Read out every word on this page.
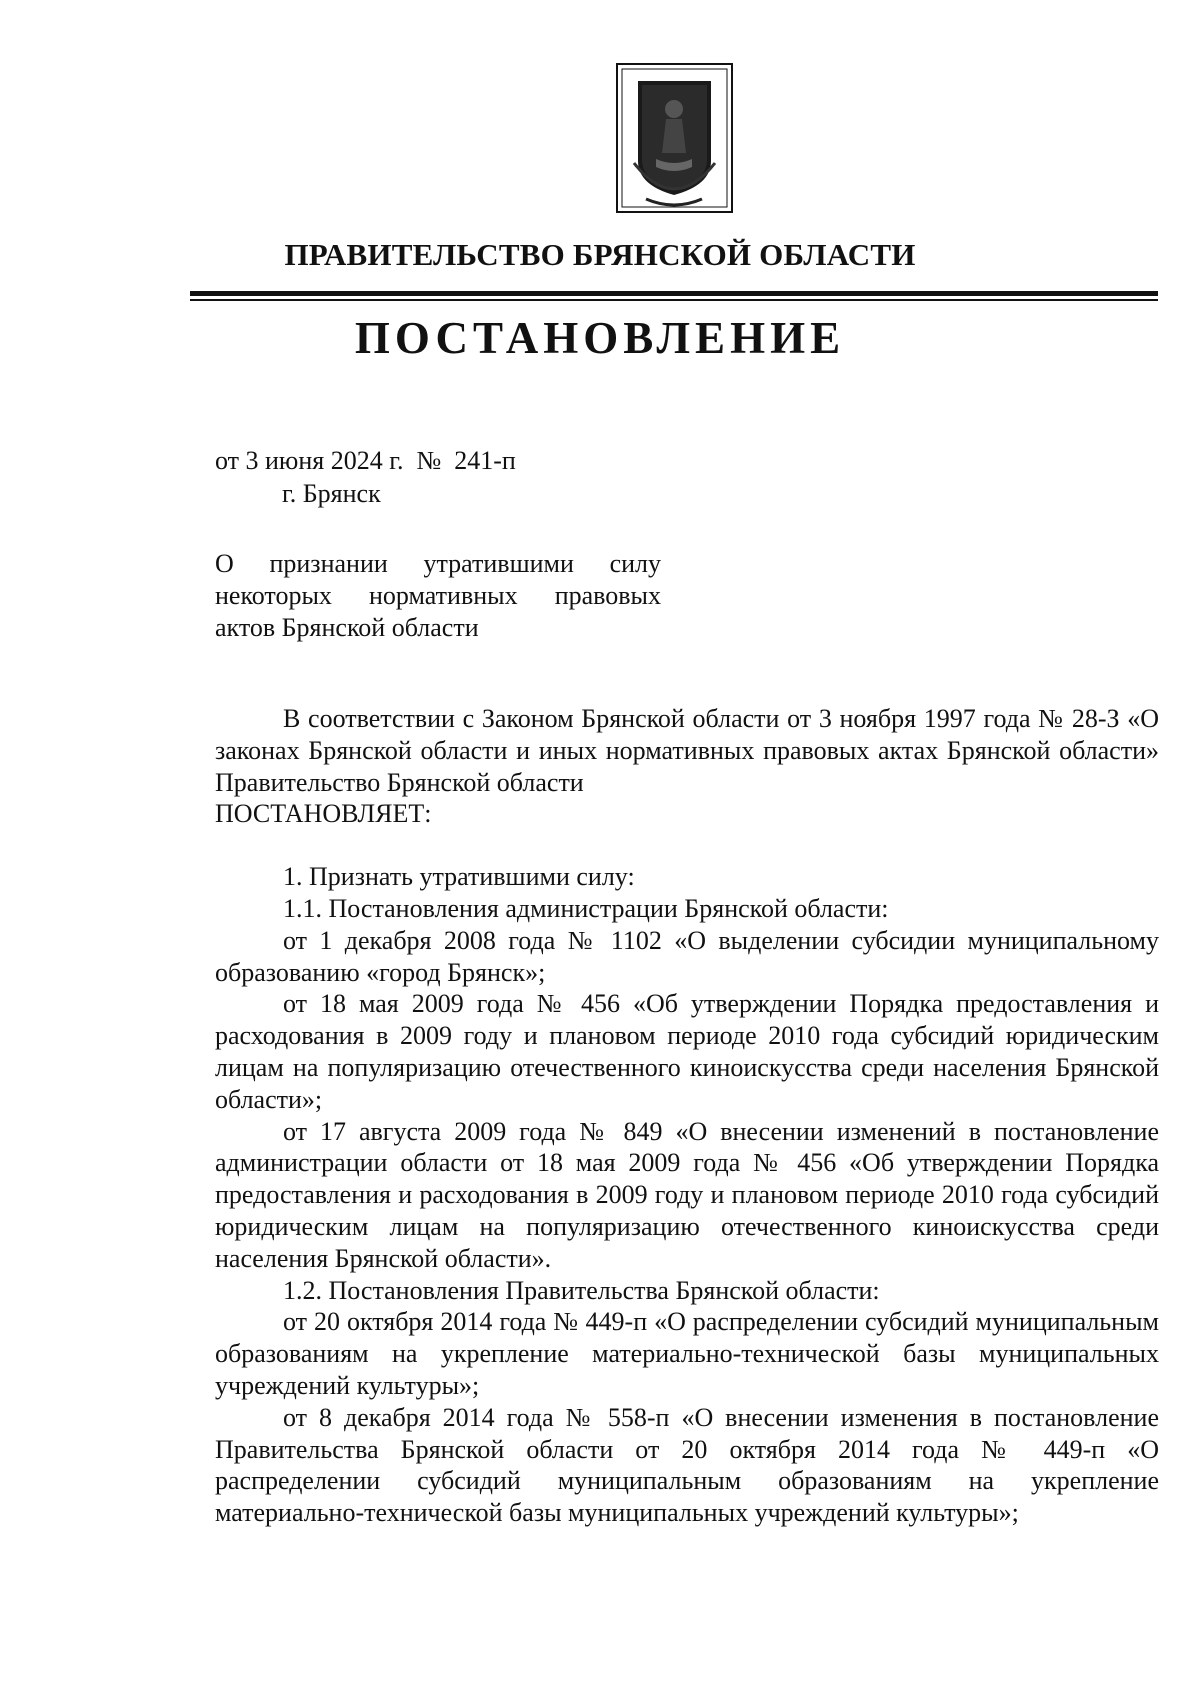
ПРАВИТЕЛЬСТВО БРЯНСКОЙ ОБЛАСТИ
ПОСТАНОВЛЕНИЕ
от 3 июня 2024 г.  №  241-п
г. Брянск
О признании утратившими силу
некоторых нормативных правовых
актов Брянской области

В соответствии с Законом Брянской области от 3 ноября 1997 года № 28-З «О законах Брянской области и иных нормативных правовых актах Брянской области» Правительство Брянской области

ПОСТАНОВЛЯЕТ:

1. Признать утратившими силу:

1.1. Постановления администрации Брянской области:

от 1 декабря 2008 года № 1102 «О выделении субсидии муниципальному образованию «город Брянск»;

от 18 мая 2009 года № 456 «Об утверждении Порядка предоставления и расходования в 2009 году и плановом периоде 2010 года субсидий юридическим лицам на популяризацию отечественного киноискусства среди населения Брянской области»;

от 17 августа 2009 года № 849 «О внесении изменений в постановление администрации области от 18 мая 2009 года № 456 «Об утверждении Порядка предоставления и расходования в 2009 году и плановом периоде 2010 года субсидий юридическим лицам на популяризацию отечественного киноискусства среди населения Брянской области».

1.2. Постановления Правительства Брянской области:

от 20 октября 2014 года № 449-п «О распределении субсидий муниципальным образованиям на укрепление материально-технической базы муниципальных учреждений культуры»;

от 8 декабря 2014 года № 558-п «О внесении изменения в постановление Правительства Брянской области от 20 октября 2014 года № 449-п «О распределении субсидий муниципальным образованиям на укрепление материально-технической базы муниципальных учреждений культуры»;
